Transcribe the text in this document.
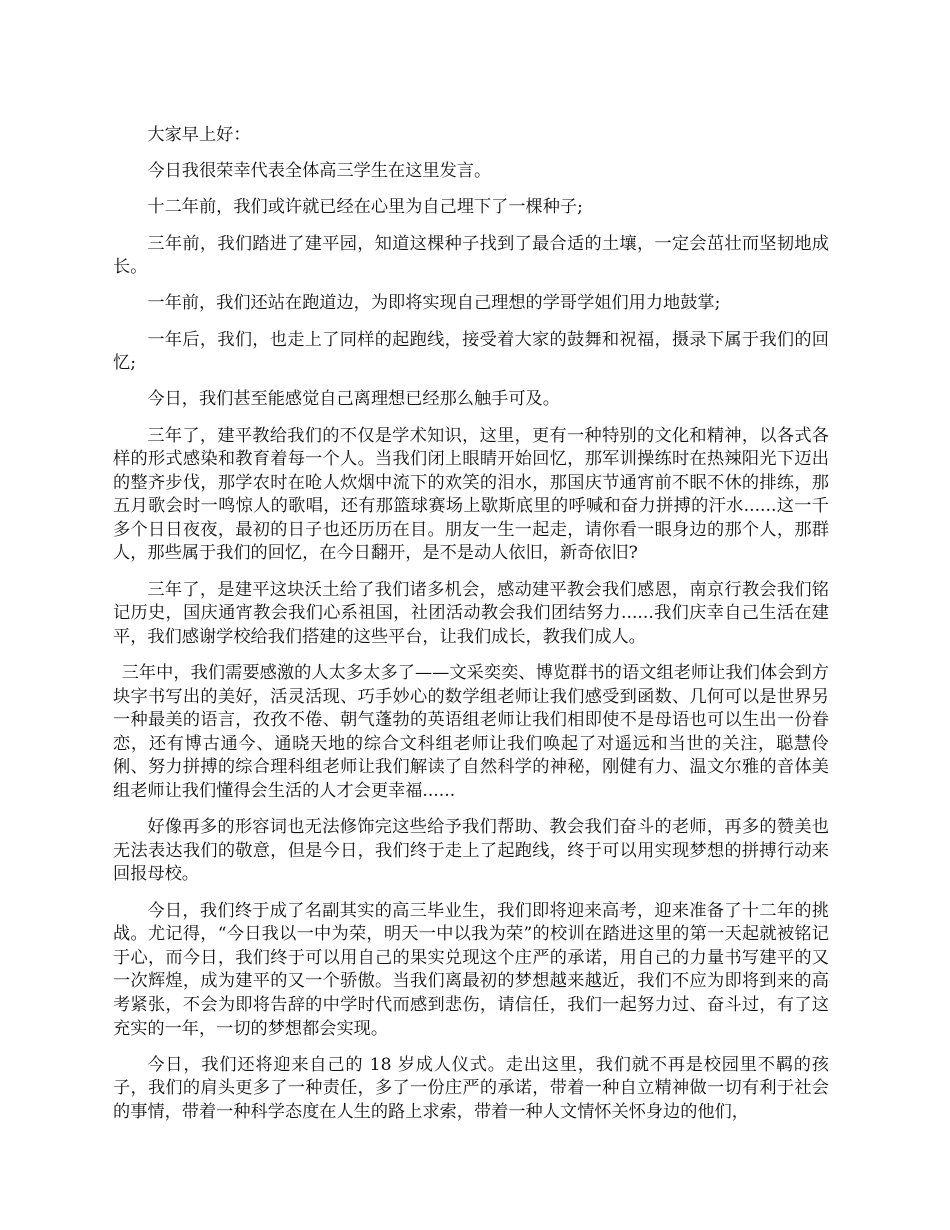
大家早上好：

今日我很荣幸代表全体高三学生在这里发言。

十二年前，我们或许就已经在心里为自己埋下了一棵种子;

三年前，我们踏进了建平园，知道这棵种子找到了最合适的土壤，一定会茁壮而坚韧地成长。

一年前，我们还站在跑道边，为即将实现自己理想的学哥学姐们用力地鼓掌;

一年后，我们，也走上了同样的起跑线，接受着大家的鼓舞和祝福，摄录下属于我们的回忆;

今日，我们甚至能感觉自己离理想已经那么触手可及。

三年了，建平教给我们的不仅是学术知识，这里，更有一种特别的文化和精神，以各式各样的形式感染和教育着每一个人。当我们闭上眼睛开始回忆，那军训操练时在热辣阳光下迈出的整齐步伐，那学农时在呛人炊烟中流下的欢笑的泪水，那国庆节通宵前不眠不休的排练，那五月歌会时一鸣惊人的歌唱，还有那篮球赛场上歇斯底里的呼喊和奋力拼搏的汗水......这一千多个日日夜夜，最初的日子也还历历在目。朋友一生一起走，请你看一眼身边的那个人，那群人，那些属于我们的回忆，在今日翻开，是不是动人依旧，新奇依旧?

三年了，是建平这块沃土给了我们诸多机会，感动建平教会我们感恩，南京行教会我们铭记历史，国庆通宵教会我们心系祖国，社团活动教会我们团结努力......我们庆幸自己生活在建平，我们感谢学校给我们搭建的这些平台，让我们成长，教我们成人。

三年中，我们需要感激的人太多太多了——文采奕奕、博览群书的语文组老师让我们体会到方块字书写出的美好，活灵活现、巧手妙心的数学组老师让我们感受到函数、几何可以是世界另一种最美的语言，孜孜不倦、朝气蓬勃的英语组老师让我们相即使不是母语也可以生出一份眷恋，还有博古通今、通晓天地的综合文科组老师让我们唤起了对遥远和当世的关注，聪慧伶俐、努力拼搏的综合理科组老师让我们解读了自然科学的神秘，刚健有力、温文尔雅的音体美组老师让我们懂得会生活的人才会更幸福......

好像再多的形容词也无法修饰完这些给予我们帮助、教会我们奋斗的老师，再多的赞美也无法表达我们的敬意，但是今日，我们终于走上了起跑线，终于可以用实现梦想的拼搏行动来回报母校。

今日，我们终于成了名副其实的高三毕业生，我们即将迎来高考，迎来准备了十二年的挑战。尤记得，“今日我以一中为荣，明天一中以我为荣”的校训在踏进这里的第一天起就被铭记于心，而今日，我们终于可以用自己的果实兑现这个庄严的承诺，用自己的力量书写建平的又一次辉煌，成为建平的又一个骄傲。当我们离最初的梦想越来越近，我们不应为即将到来的高考紧张，不会为即将告辞的中学时代而感到悲伤，请信任，我们一起努力过、奋斗过，有了这充实的一年，一切的梦想都会实现。

今日，我们还将迎来自己的 18 岁成人仪式。走出这里，我们就不再是校园里不羁的孩子，我们的肩头更多了一种责任，多了一份庄严的承诺，带着一种自立精神做一切有利于社会的事情，带着一种科学态度在人生的路上求索，带着一种人文情怀关怀身边的他们，
